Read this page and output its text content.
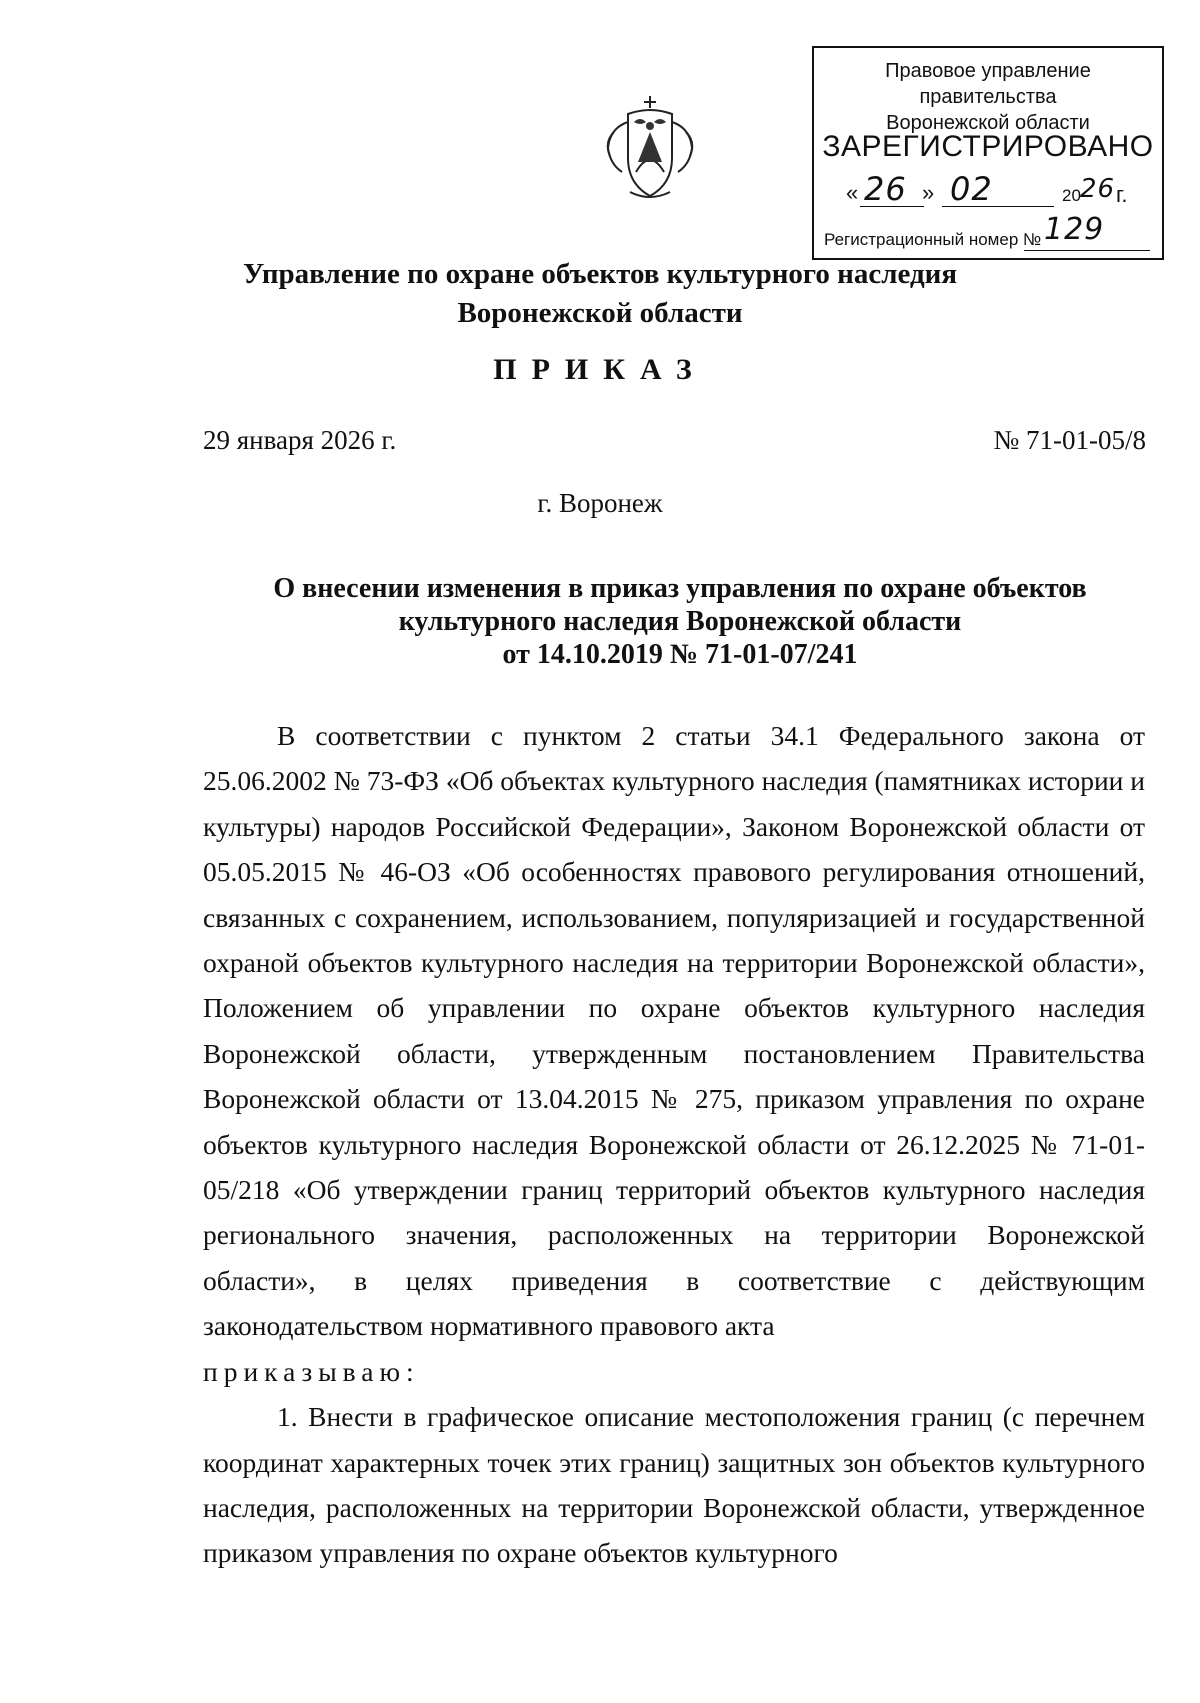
Правовое управление правительства
Воронежской области
ЗАРЕГИСТРИРОВАНО
« 26 » 02	20 26 г.
Регистрационный номер № 129
Управление по охране объектов культурного наследия
Воронежской области
ПРИКАЗ
29 января 2026 г.	№ 71-01-05/8
г. Воронеж
О внесении изменения в приказ управления по охране объектов
культурного наследия Воронежской области
от 14.10.2019 № 71-01-07/241

В соответствии с пунктом 2 статьи 34.1 Федерального закона от 25.06.2002 № 73-ФЗ «Об объектах культурного наследия (памятниках истории и культуры) народов Российской Федерации», Законом Воронежской области от 05.05.2015 № 46-ОЗ «Об особенностях правового регулирования отношений, связанных с сохранением, использованием, популяризацией и государственной охраной объектов культурного наследия на территории Воронежской области», Положением об управлении по охране объектов культурного наследия Воронежской области, утвержденным постановлением Правительства Воронежской области от 13.04.2015 № 275, приказом управления по охране объектов культурного наследия Воронежской области от 26.12.2025 № 71-01-05/218 «Об утверждении границ территорий объектов культурного наследия регионального значения, расположенных на территории Воронежской области», в целях приведения в соответствие с действующим законодательством нормативного правового акта

приказываю:

1. Внести в графическое описание местоположения границ (с перечнем координат характерных точек этих границ) защитных зон объектов культурного наследия, расположенных на территории Воронежской области, утвержденное приказом управления по охране объектов культурного
